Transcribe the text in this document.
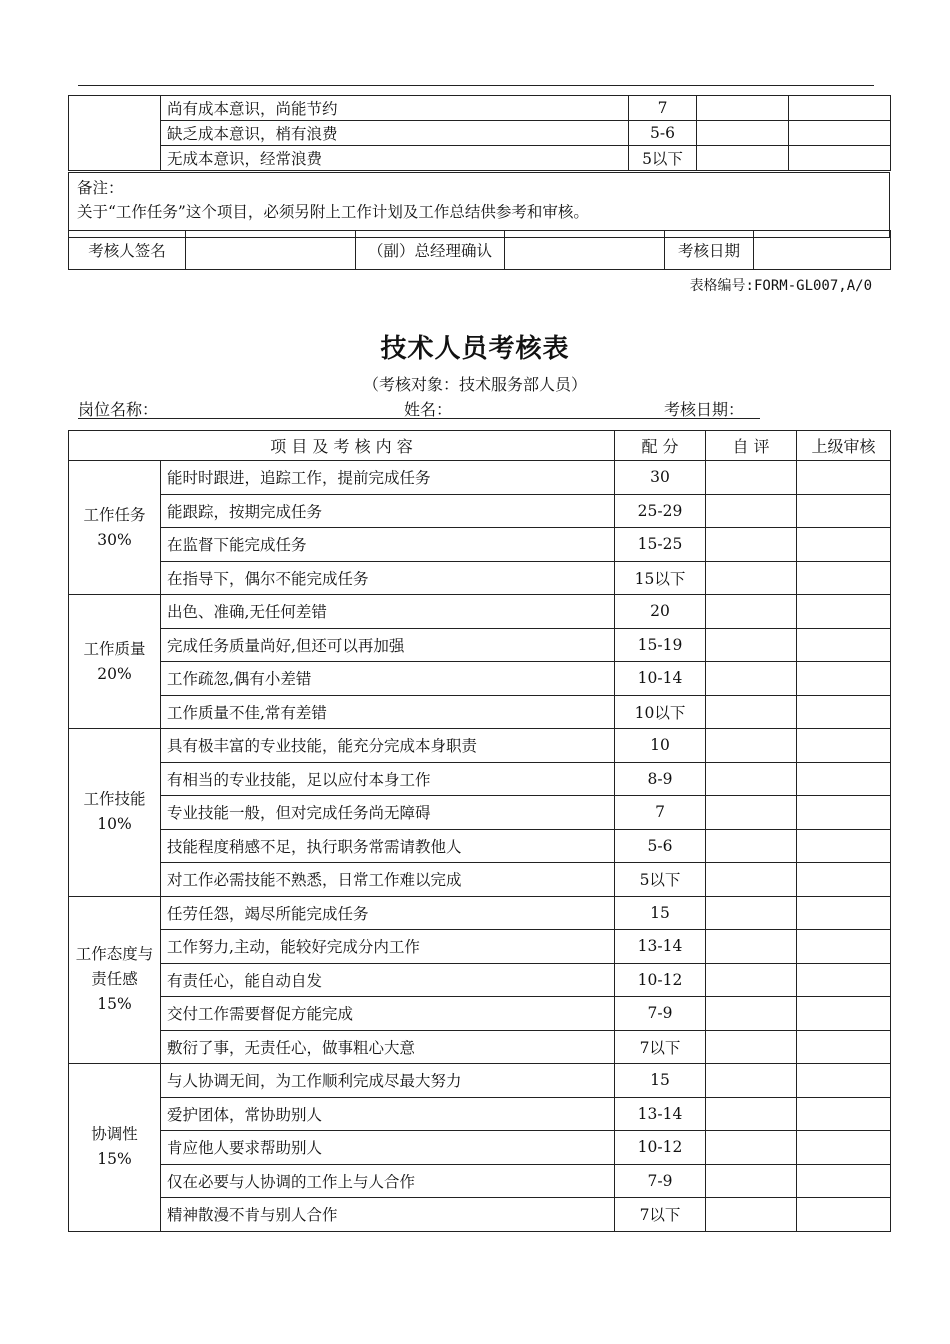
	尚有成本意识，尚能节约	7		
	缺乏成本意识，梢有浪费	5-6		
	无成本意识，经常浪费	5以下		
备注：
关于“工作任务”这个项目，必须另附上工作计划及工作总结供参考和审核。
考核人签名		（副）总经理确认		考核日期	
表格编号:FORM-GL007,A/0
技术人员考核表
（考核对象：技术服务部人员）
岗位名称：	姓名：	考核日期：
项 目 及 考 核 内 容		配 分	自 评	上级审核

工作任务
30%	能时时跟进，追踪工作，提前完成任务	30		
	能跟踪，按期完成任务	25-29		
	在监督下能完成任务	15-25		
	在指导下，偶尔不能完成任务	15以下		

工作质量
20%	出色、准确,无任何差错	20		
	完成任务质量尚好,但还可以再加强	15-19		
	工作疏忽,偶有小差错	10-14		
	工作质量不佳,常有差错	10以下		

工作技能
10%	具有极丰富的专业技能，能充分完成本身职责	10		
	有相当的专业技能，足以应付本身工作	8-9		
	专业技能一般，但对完成任务尚无障碍	7		
	技能程度稍感不足，执行职务常需请教他人	5-6		
	对工作必需技能不熟悉，日常工作难以完成	5以下		

工作态度与责任感
15%	任劳任怨，竭尽所能完成任务	15		
	工作努力,主动，能较好完成分内工作	13-14		
	有责任心，能自动自发	10-12		
	交付工作需要督促方能完成	7-9		
	敷衍了事，无责任心，做事粗心大意	7以下		

协调性
15%	与人协调无间，为工作顺利完成尽最大努力	15		
	爱护团体，常协助别人	13-14		
	肯应他人要求帮助别人	10-12		
	仅在必要与人协调的工作上与人合作	7-9		
	精神散漫不肯与别人合作	7以下		
